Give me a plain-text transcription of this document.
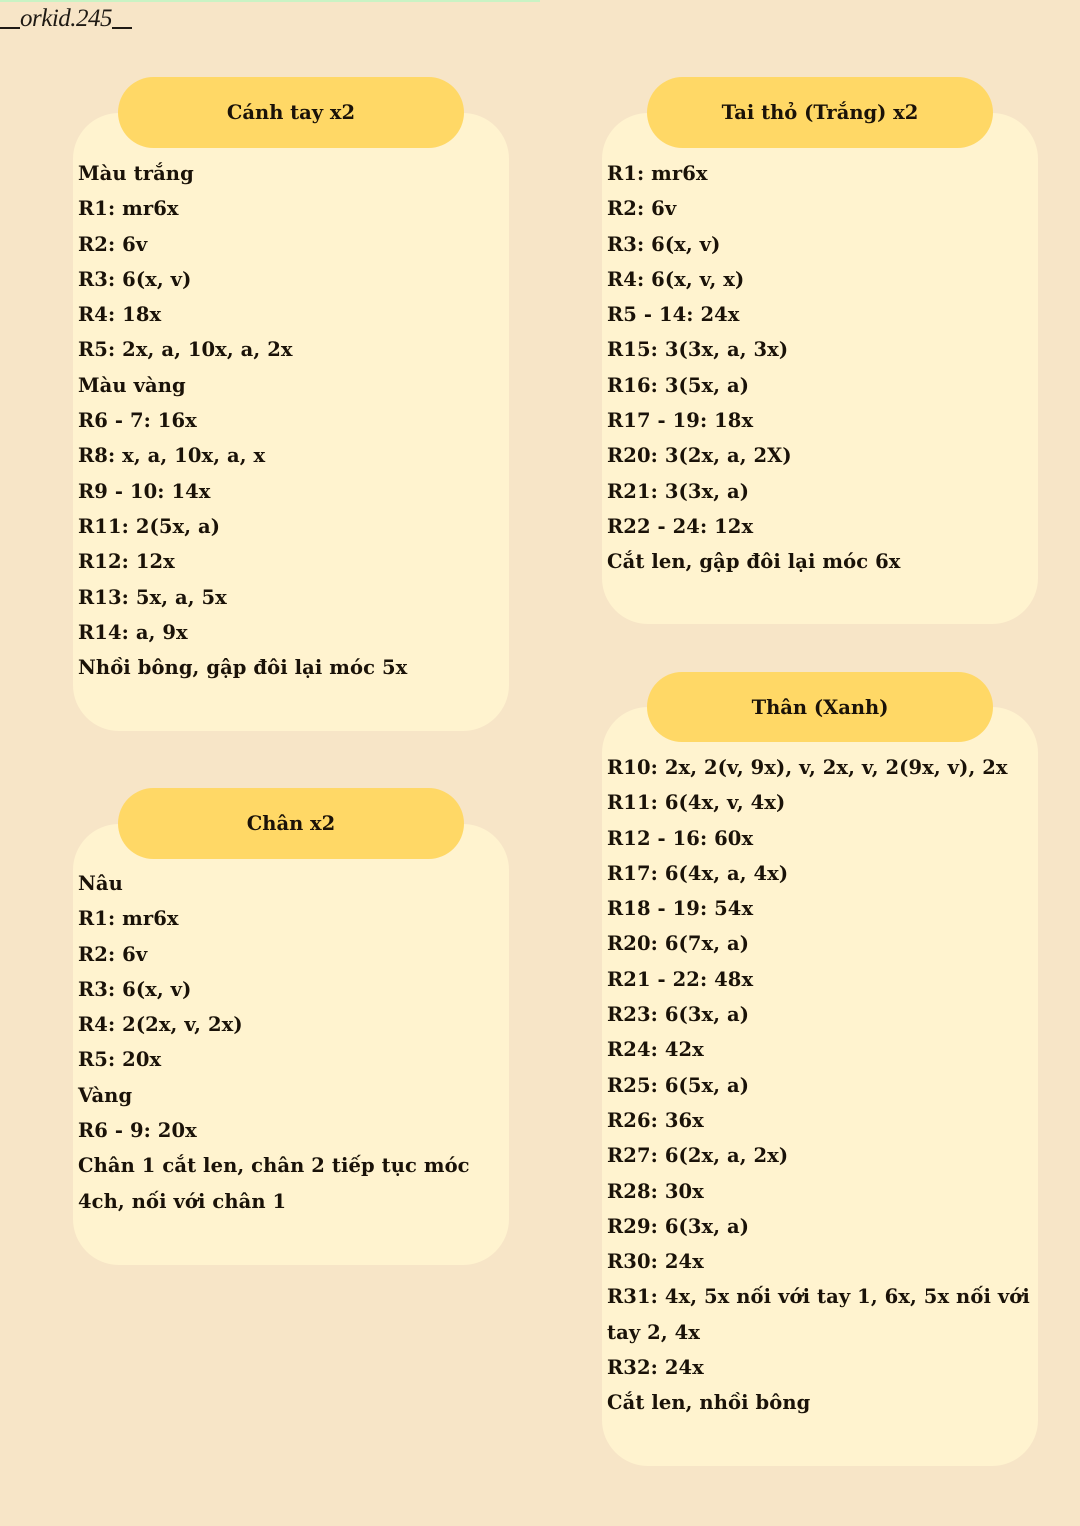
orkid.245
Cánh tay x2
Màu trắng
R1: mr6x
R2: 6v
R3: 6(x, v)
R4: 18x
R5: 2x, a, 10x, a, 2x
Màu vàng
R6 - 7: 16x
R8: x, a, 10x, a, x
R9 - 10: 14x
R11: 2(5x, a)
R12: 12x
R13: 5x, a, 5x
R14: a, 9x
Nhồi bông, gập đôi lại móc 5x
Chân x2
Nâu
R1: mr6x
R2: 6v
R3: 6(x, v)
R4: 2(2x, v, 2x)
R5: 20x
Vàng
R6 - 9: 20x
Chân 1 cắt len, chân 2 tiếp tục móc
4ch, nối với chân 1
Tai thỏ (Trắng) x2
R1: mr6x
R2: 6v
R3: 6(x, v)
R4: 6(x, v, x)
R5 - 14: 24x
R15: 3(3x, a, 3x)
R16: 3(5x, a)
R17 - 19: 18x
R20: 3(2x, a, 2X)
R21: 3(3x, a)
R22 - 24: 12x
Cắt len, gập đôi lại móc 6x
Thân (Xanh)
R10: 2x, 2(v, 9x), v, 2x, v, 2(9x, v), 2x
R11: 6(4x, v, 4x)
R12 - 16: 60x
R17: 6(4x, a, 4x)
R18 - 19: 54x
R20: 6(7x, a)
R21 - 22: 48x
R23: 6(3x, a)
R24: 42x
R25: 6(5x, a)
R26: 36x
R27: 6(2x, a, 2x)
R28: 30x
R29: 6(3x, a)
R30: 24x
R31: 4x, 5x nối với tay 1, 6x, 5x nối với
tay 2, 4x
R32: 24x
Cắt len, nhồi bông
